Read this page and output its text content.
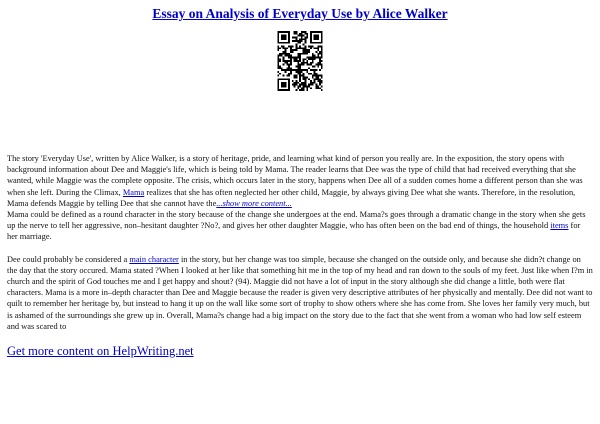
Essay on Analysis of Everyday Use by Alice Walker

The story 'Everyday Use', written by Alice Walker, is a story of heritage, pride, and learning what kind of person you really are. In the exposition, the story opens with background information about Dee and Maggie's life, which is being told by Mama. The reader learns that Dee was the type of child that had received everything that she wanted, while Maggie was the complete opposite. The crisis, which occurs later in the story, happens when Dee all of a sudden comes home a different person than she was when she left. During the Climax, Mama realizes that she has often neglected her other child, Maggie, by always giving Dee what she wants. Therefore, in the resolution, Mama defends Maggie by telling Dee that she cannot have the...show more content...

Mama could be defined as a round character in the story because of the change she undergoes at the end. Mama?s goes through a dramatic change in the story when she gets up the nerve to tell her aggressive, non–hesitant daughter ?No?, and gives her other daughter Maggie, who has often been on the bad end of things, the household items for her marriage.

Dee could probably be considered a main character in the story, but her change was too simple, because she changed on the outside only, and because she didn?t change on the day that the story occured. Mama stated ?When I looked at her like that something hit me in the top of my head and ran down to the souls of my feet. Just like when I?m in church and the spirit of God touches me and I get happy and shout? (94). Maggie did not have a lot of input in the story although she did change a little, both were flat characters. Mama is a more in–depth character than Dee and Maggie because the reader is given very descriptive attributes of her physically and mentally. Dee did not want to quilt to remember her heritage by, but instead to hang it up on the wall like some sort of trophy to show others where she has come from. She loves her family very much, but is ashamed of the surroundings she grew up in. Overall, Mama?s change had a big impact on the story due to the fact that she went from a woman who had low self esteem and was scared to

Get more content on HelpWriting.net
